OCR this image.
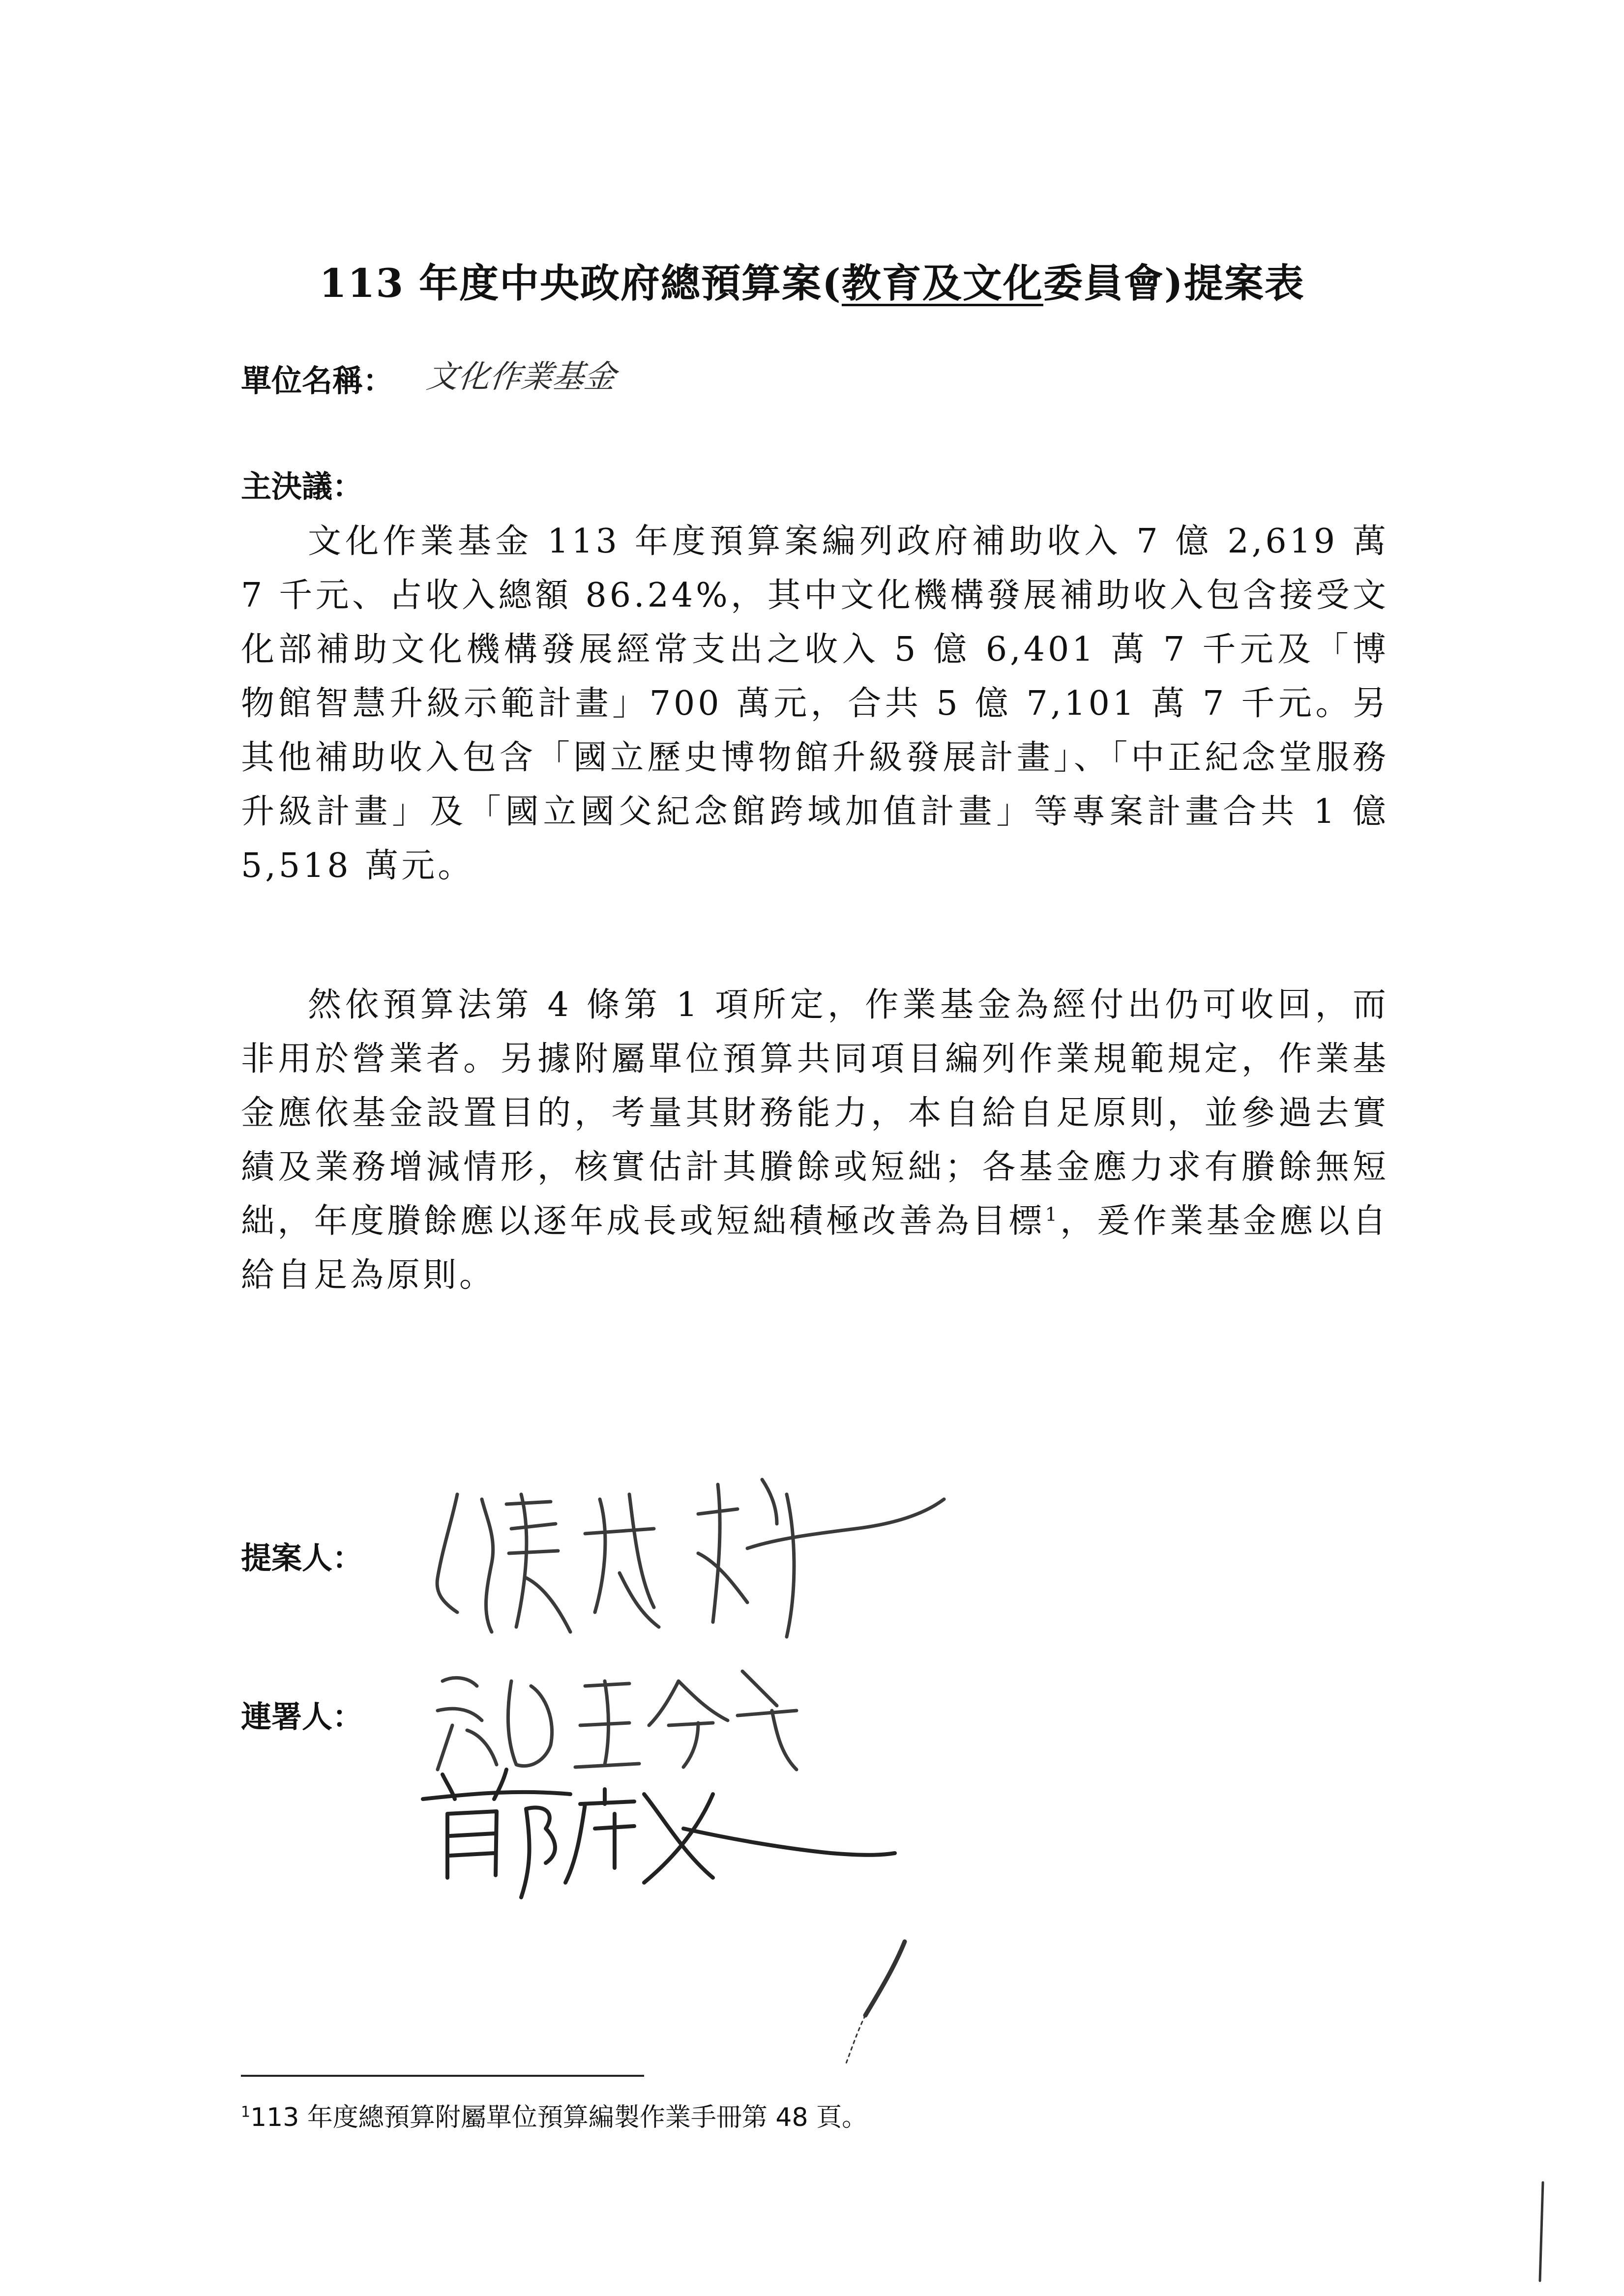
113 年度中央政府總預算案(教育及文化委員會)提案表
單位名稱： 文化作業基金
主決議：

文化作業基金 113 年度預算案編列政府補助收入 7 億 2,619 萬 7 千元、占收入總額 86.24%，其中文化機構發展補助收入包含接受文化部補助文化機構發展經常支出之收入 5 億 6,401 萬 7 千元及「博物館智慧升級示範計畫」700 萬元，合共 5 億 7,101 萬 7 千元。另其他補助收入包含「國立歷史博物館升級發展計畫」、「中正紀念堂服務升級計畫」及「國立國父紀念館跨域加值計畫」等專案計畫合共 1 億 5,518 萬元。

然依預算法第 4 條第 1 項所定，作業基金為經付出仍可收回，而非用於營業者。另據附屬單位預算共同項目編列作業規範規定，作業基金應依基金設置目的，考量其財務能力，本自給自足原則，並參過去實績及業務增減情形，核實估計其賸餘或短絀；各基金應力求有賸餘無短絀，年度賸餘應以逐年成長或短絀積極改善為目標$^1$，爰作業基金應以自給自足為原則。

提案人：
連署人：
$^1$113 年度總預算附屬單位預算編製作業手冊第 48 頁。
